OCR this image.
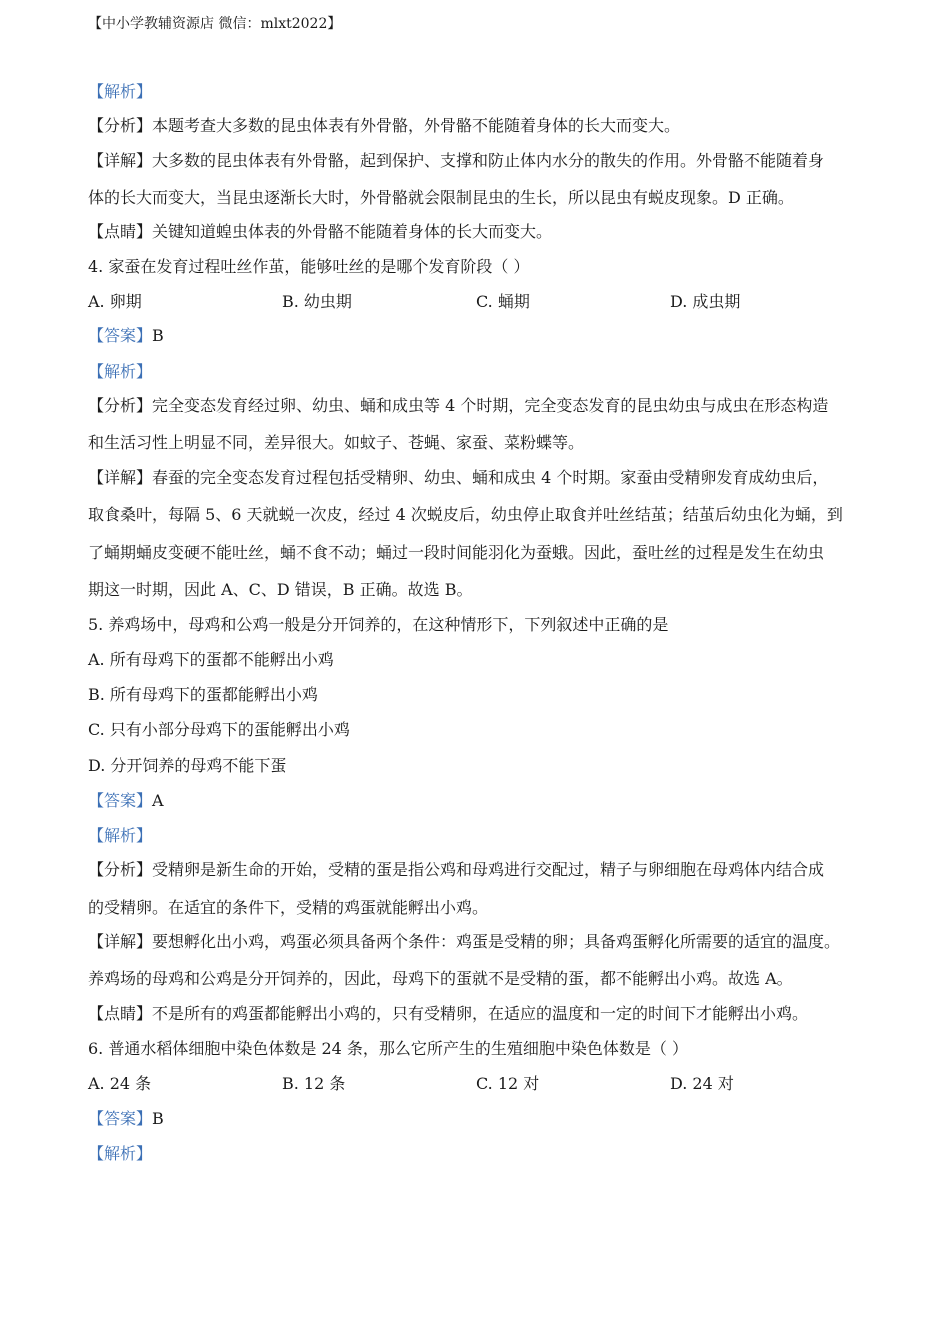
【中小学教辅资源店 微信：mlxt2022】
【解析】
【分析】本题考查大多数的昆虫体表有外骨骼，外骨骼不能随着身体的长大而变大。
【详解】大多数的昆虫体表有外骨骼，起到保护、支撑和防止体内水分的散失的作用。外骨骼不能随着身
体的长大而变大，当昆虫逐渐长大时，外骨骼就会限制昆虫的生长，所以昆虫有蜕皮现象。D 正确。
【点睛】关键知道蝗虫体表的外骨骼不能随着身体的长大而变大。
4. 家蚕在发育过程吐丝作茧，能够吐丝的是哪个发育阶段（ ）
A. 卵期	B. 幼虫期	C. 蛹期	D. 成虫期
【答案】B
【解析】
【分析】完全变态发育经过卵、幼虫、蛹和成虫等 4 个时期，完全变态发育的昆虫幼虫与成虫在形态构造
和生活习性上明显不同，差异很大。如蚊子、苍蝇、家蚕、菜粉蝶等。
【详解】春蚕的完全变态发育过程包括受精卵、幼虫、蛹和成虫 4 个时期。家蚕由受精卵发育成幼虫后，
取食桑叶，每隔 5、6 天就蜕一次皮，经过 4 次蜕皮后，幼虫停止取食并吐丝结茧；结茧后幼虫化为蛹，到
了蛹期蛹皮变硬不能吐丝，蛹不食不动；蛹过一段时间能羽化为蚕蛾。因此，蚕吐丝的过程是发生在幼虫
期这一时期，因此 A、C、D 错误，B 正确。故选 B。
5. 养鸡场中，母鸡和公鸡一般是分开饲养的，在这种情形下，下列叙述中正确的是
A. 所有母鸡下的蛋都不能孵出小鸡
B. 所有母鸡下的蛋都能孵出小鸡
C. 只有小部分母鸡下的蛋能孵出小鸡
D. 分开饲养的母鸡不能下蛋
【答案】A
【解析】
【分析】受精卵是新生命的开始，受精的蛋是指公鸡和母鸡进行交配过，精子与卵细胞在母鸡体内结合成
的受精卵。在适宜的条件下，受精的鸡蛋就能孵出小鸡。
【详解】要想孵化出小鸡，鸡蛋必须具备两个条件：鸡蛋是受精的卵；具备鸡蛋孵化所需要的适宜的温度。
养鸡场的母鸡和公鸡是分开饲养的，因此，母鸡下的蛋就不是受精的蛋，都不能孵出小鸡。故选 A。
【点睛】不是所有的鸡蛋都能孵出小鸡的，只有受精卵，在适应的温度和一定的时间下才能孵出小鸡。
6. 普通水稻体细胞中染色体数是 24 条，那么它所产生的生殖细胞中染色体数是（ ）
A. 24 条	B. 12 条	C. 12 对	D. 24 对
【答案】B
【解析】
